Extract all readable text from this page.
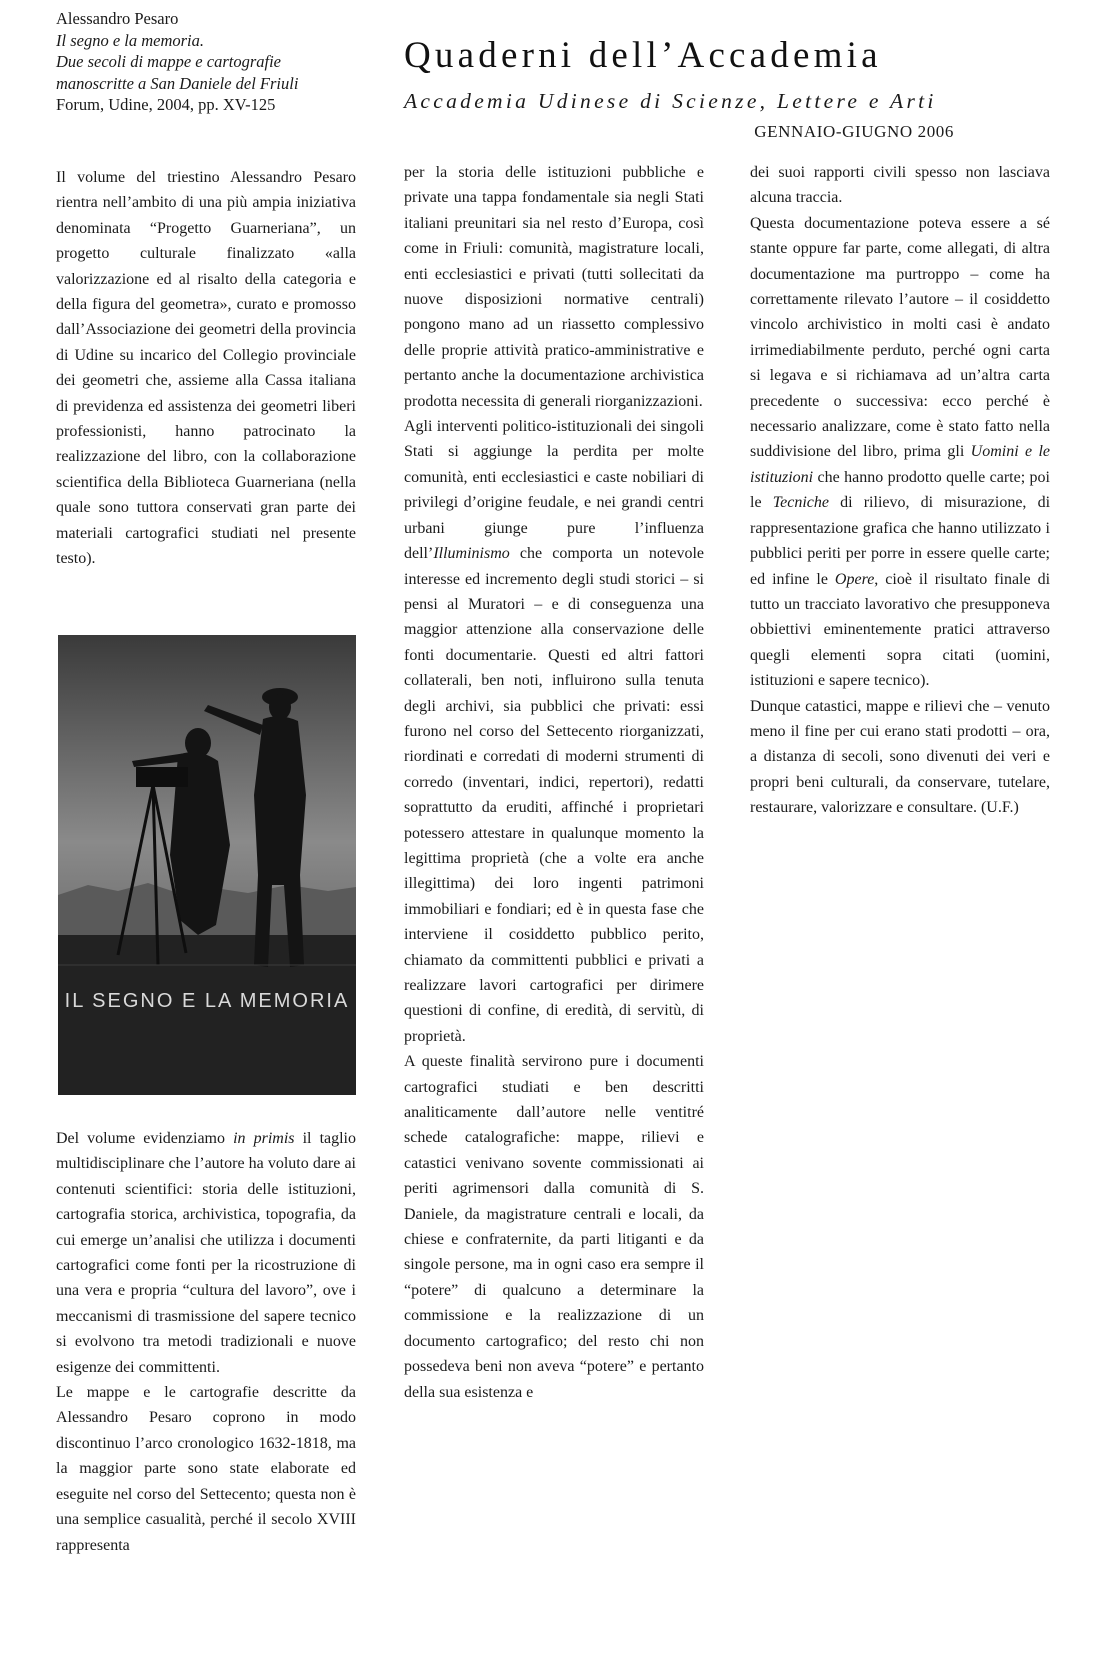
Alessandro Pesaro
Il segno e la memoria.
Due secoli di mappe e cartografie
manoscritte a San Daniele del Friuli
Forum, Udine, 2004, pp. XV-125
Quaderni dell’Accademia
Accademia Udinese di Scienze, Lettere e Arti
GENNAIO-GIUGNO 2006

Il volume del triestino Alessandro Pesaro rientra nell’ambito di una più ampia iniziativa denominata “Progetto Guarneriana”, un progetto culturale finalizzato «alla valorizzazione ed al risalto della categoria e della figura del geometra», curato e promosso dall’Associazione dei geometri della provincia di Udine su incarico del Collegio provinciale dei geometri che, assieme alla Cassa italiana di previdenza ed assistenza dei geometri liberi professionisti, hanno patrocinato la realizzazione del libro, con la collaborazione scientifica della Biblioteca Guarneriana (nella quale sono tuttora conservati gran parte dei materiali cartografici studiati nel presente testo).

IL SEGNO E LA MEMORIA

Del volume evidenziamo in primis il taglio multidisciplinare che l’autore ha voluto dare ai contenuti scientifici: storia delle istituzioni, cartografia storica, archivistica, topografia, da cui emerge un’analisi che utilizza i documenti cartografici come fonti per la ricostruzione di una vera e propria “cultura del lavoro”, ove i meccanismi di trasmissione del sapere tecnico si evolvono tra metodi tradizionali e nuove esigenze dei committenti.

Le mappe e le cartografie descritte da Alessandro Pesaro coprono in modo discontinuo l’arco cronologico 1632-1818, ma la maggior parte sono state elaborate ed eseguite nel corso del Settecento; questa non è una semplice casualità, perché il secolo XVIII rappresenta

per la storia delle istituzioni pubbliche e private una tappa fondamentale sia negli Stati italiani preunitari sia nel resto d’Europa, così come in Friuli: comunità, magistrature locali, enti ecclesiastici e privati (tutti sollecitati da nuove disposizioni normative centrali) pongono mano ad un riassetto complessivo delle proprie attività pratico-amministrative e pertanto anche la documentazione archivistica prodotta necessita di generali riorganizzazioni.

Agli interventi politico-istituzionali dei singoli Stati si aggiunge la perdita per molte comunità, enti ecclesiastici e caste nobiliari di privilegi d’origine feudale, e nei grandi centri urbani giunge pure l’influenza dell’Illuminismo che comporta un notevole interesse ed incremento degli studi storici – si pensi al Muratori – e di conseguenza una maggior attenzione alla conservazione delle fonti documentarie. Questi ed altri fattori collaterali, ben noti, influirono sulla tenuta degli archivi, sia pubblici che privati: essi furono nel corso del Settecento riorganizzati, riordinati e corredati di moderni strumenti di corredo (inventari, indici, repertori), redatti soprattutto da eruditi, affinché i proprietari potessero attestare in qualunque momento la legittima proprietà (che a volte era anche illegittima) dei loro ingenti patrimoni immobiliari e fondiari; ed è in questa fase che interviene il cosiddetto pubblico perito, chiamato da committenti pubblici e privati a realizzare lavori cartografici per dirimere questioni di confine, di eredità, di servitù, di proprietà.

A queste finalità servirono pure i documenti cartografici studiati e ben descritti analiticamente dall’autore nelle ventitré schede catalografiche: mappe, rilievi e catastici venivano sovente commissionati ai periti agrimensori dalla comunità di S. Daniele, da magistrature centrali e locali, da chiese e confraternite, da parti litiganti e da singole persone, ma in ogni caso era sempre il “potere” di qualcuno a determinare la commissione e la realizzazione di un documento cartografico; del resto chi non possedeva beni non aveva “potere” e pertanto della sua esistenza e

dei suoi rapporti civili spesso non lasciava alcuna traccia.

Questa documentazione poteva essere a sé stante oppure far parte, come allegati, di altra documentazione ma purtroppo – come ha correttamente rilevato l’autore – il cosiddetto vincolo archivistico in molti casi è andato irrimediabilmente perduto, perché ogni carta si legava e si richiamava ad un’altra carta precedente o successiva: ecco perché è necessario analizzare, come è stato fatto nella suddivisione del libro, prima gli Uomini e le istituzioni che hanno prodotto quelle carte; poi le Tecniche di rilievo, di misurazione, di rappresentazione grafica che hanno utilizzato i pubblici periti per porre in essere quelle carte; ed infine le Opere, cioè il risultato finale di tutto un tracciato lavorativo che presupponeva obbiettivi eminentemente pratici attraverso quegli elementi sopra citati (uomini, istituzioni e sapere tecnico).

Dunque catastici, mappe e rilievi che – venuto meno il fine per cui erano stati prodotti – ora, a distanza di secoli, sono divenuti dei veri e propri beni culturali, da conservare, tutelare, restaurare, valorizzare e consultare. (U.F.)
